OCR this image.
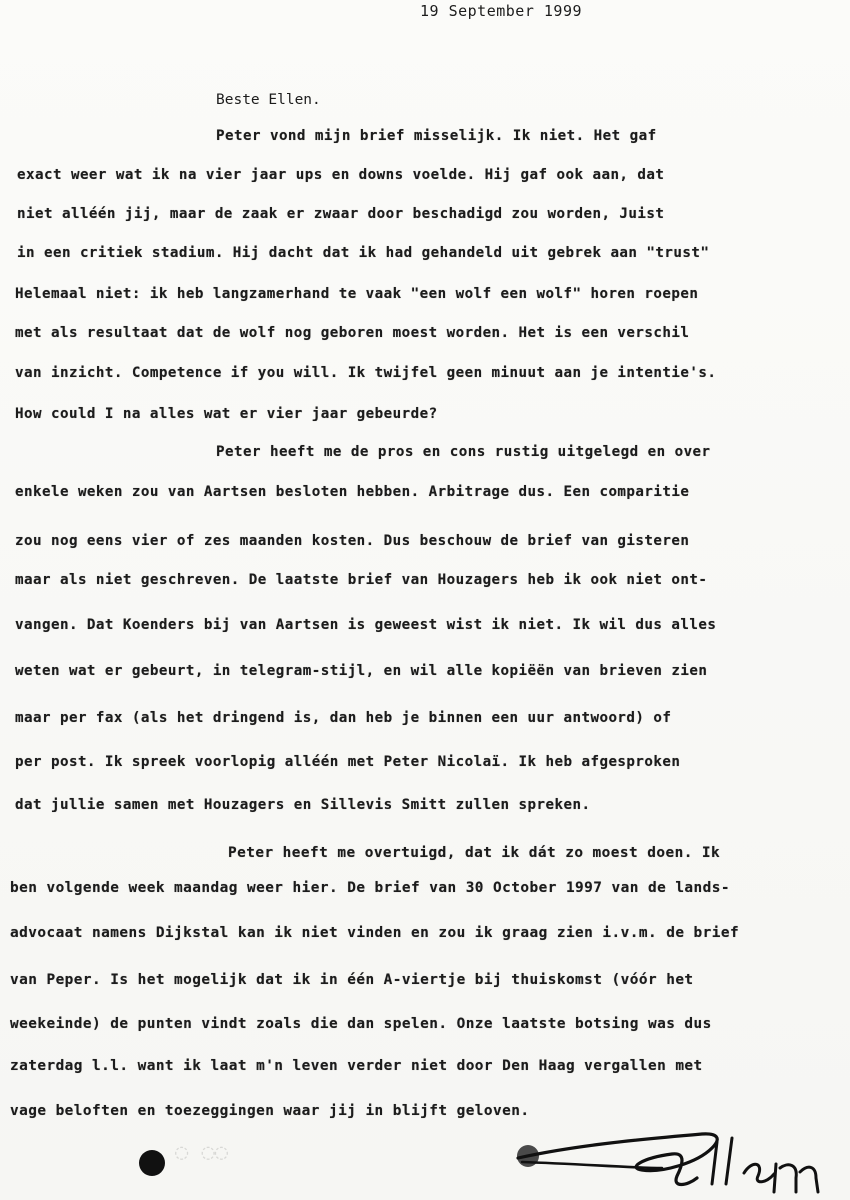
19 September 1999
Beste Ellen.
Peter vond mijn brief misselijk. Ik niet. Het gaf
exact weer wat ik na vier jaar ups en downs voelde. Hij gaf ook aan, dat
niet alléén jij, maar de zaak er zwaar door beschadigd zou worden, Juist
in een critiek stadium. Hij dacht dat ik had gehandeld uit gebrek aan "trust"
Helemaal niet: ik heb langzamerhand te vaak "een wolf een wolf" horen roepen
met als resultaat dat de wolf nog geboren moest worden. Het is een verschil
van inzicht. Competence if you will. Ik twijfel geen minuut aan je intentie's.
How could I na alles wat er vier jaar gebeurde?
Peter heeft me de pros en cons rustig uitgelegd en over
enkele weken zou van Aartsen besloten hebben. Arbitrage dus. Een comparitie
zou nog eens vier of zes maanden kosten. Dus beschouw de brief van gisteren
maar als niet geschreven. De laatste brief van Houzagers heb ik ook niet ont-
vangen. Dat Koenders bij van Aartsen is geweest wist ik niet. Ik wil dus alles
weten wat er gebeurt, in telegram-stijl, en wil alle kopiëën van brieven zien
maar per fax (als het dringend is, dan heb je binnen een uur antwoord) of
per post. Ik spreek voorlopig alléén met Peter Nicolaï. Ik heb afgesproken
dat jullie samen met Houzagers en Sillevis Smitt zullen spreken.
Peter heeft me overtuigd, dat ik dát zo moest doen. Ik
ben volgende week maandag weer hier. De brief van 30 October 1997 van de lands-
advocaat namens Dijkstal kan ik niet vinden en zou ik graag zien i.v.m. de brief
van Peper. Is het mogelijk dat ik in één A-viertje bij thuiskomst (vóór het
weekeinde) de punten vindt zoals die dan spelen. Onze laatste botsing was dus
zaterdag l.l. want ik laat m'n leven verder niet door Den Haag vergallen met
vage beloften en toezeggingen waar jij in blijft geloven.
◌ ◌◌
